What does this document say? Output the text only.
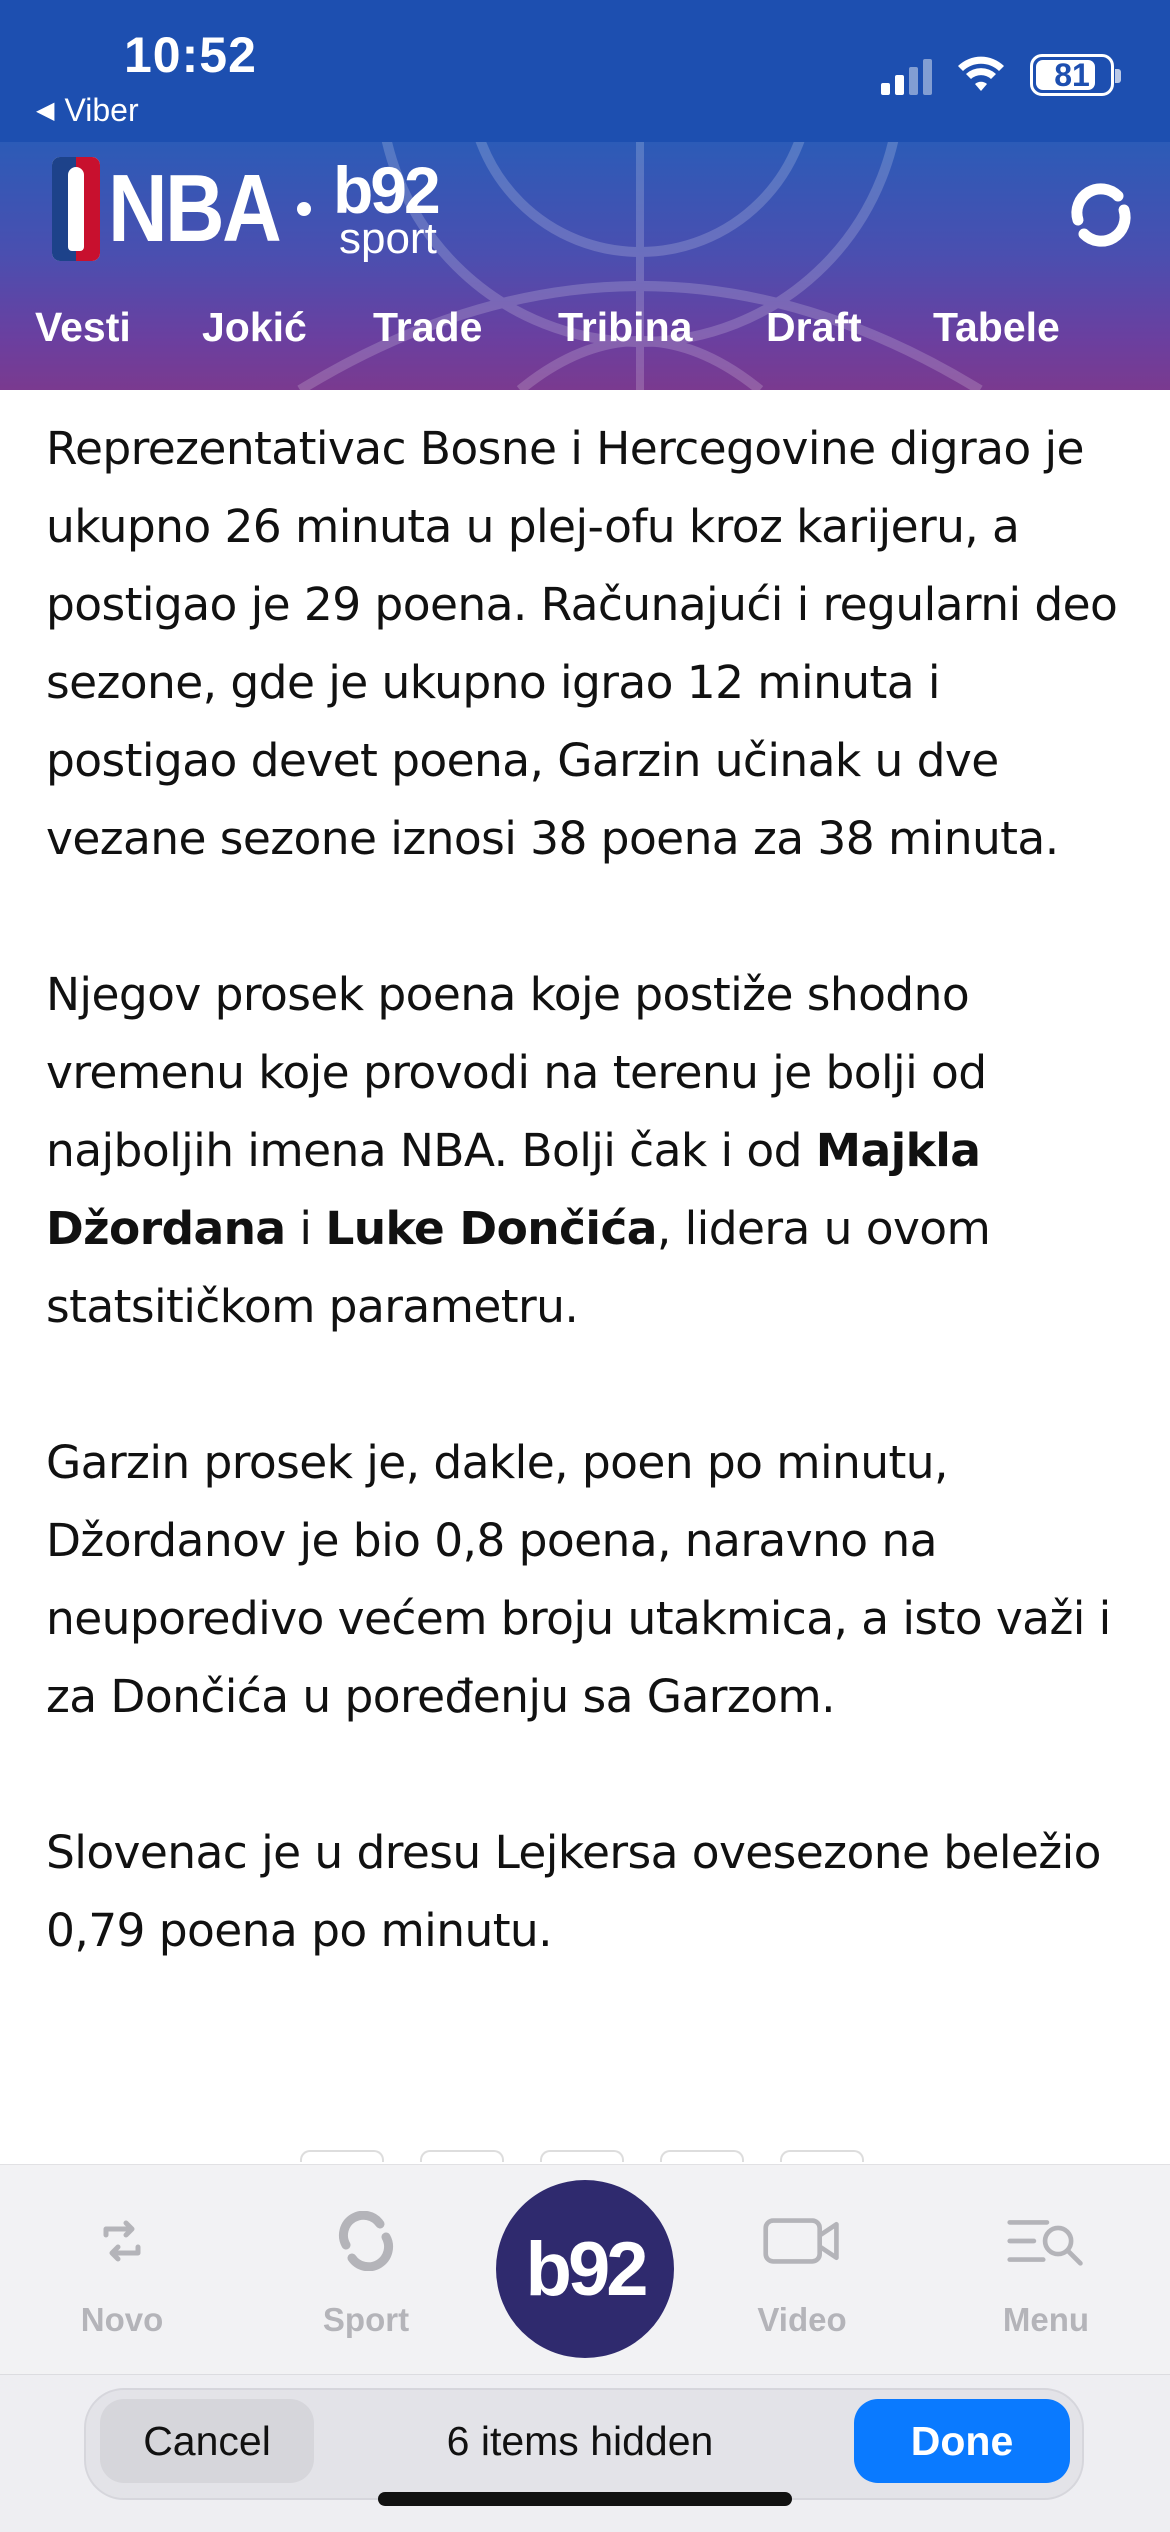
10:52
◀ Viber
81
NBA b92
sport
Vesti Jokić Trade Tribina Draft Tabele

Reprezentativac Bosne i Hercegovine digrao je ukupno 26 minuta u plej-ofu kroz karijeru, a postigao je 29 poena. Računajući i regularni deo sezone, gde je ukupno igrao 12 minuta i postigao devet poena, Garzin učinak u dve vezane sezone iznosi 38 poena za 38 minuta.

Njegov prosek poena koje postiže shodno vremenu koje provodi na terenu je bolji od najboljih imena NBA. Bolji čak i od Majkla Džordana i Luke Dončića, lidera u ovom statsitičkom parametru.

Garzin prosek je, dakle, poen po minutu, Džordanov je bio 0,8 poena, naravno na neuporedivo većem broju utakmica, a isto važi i za Dončića u poređenju sa Garzom.

Slovenac je u dresu Lejkersa ovesezone beležio 0,79 poena po minutu.

Novo	Sport	Video	Menu
b92
Cancel	6 items hidden	Done
